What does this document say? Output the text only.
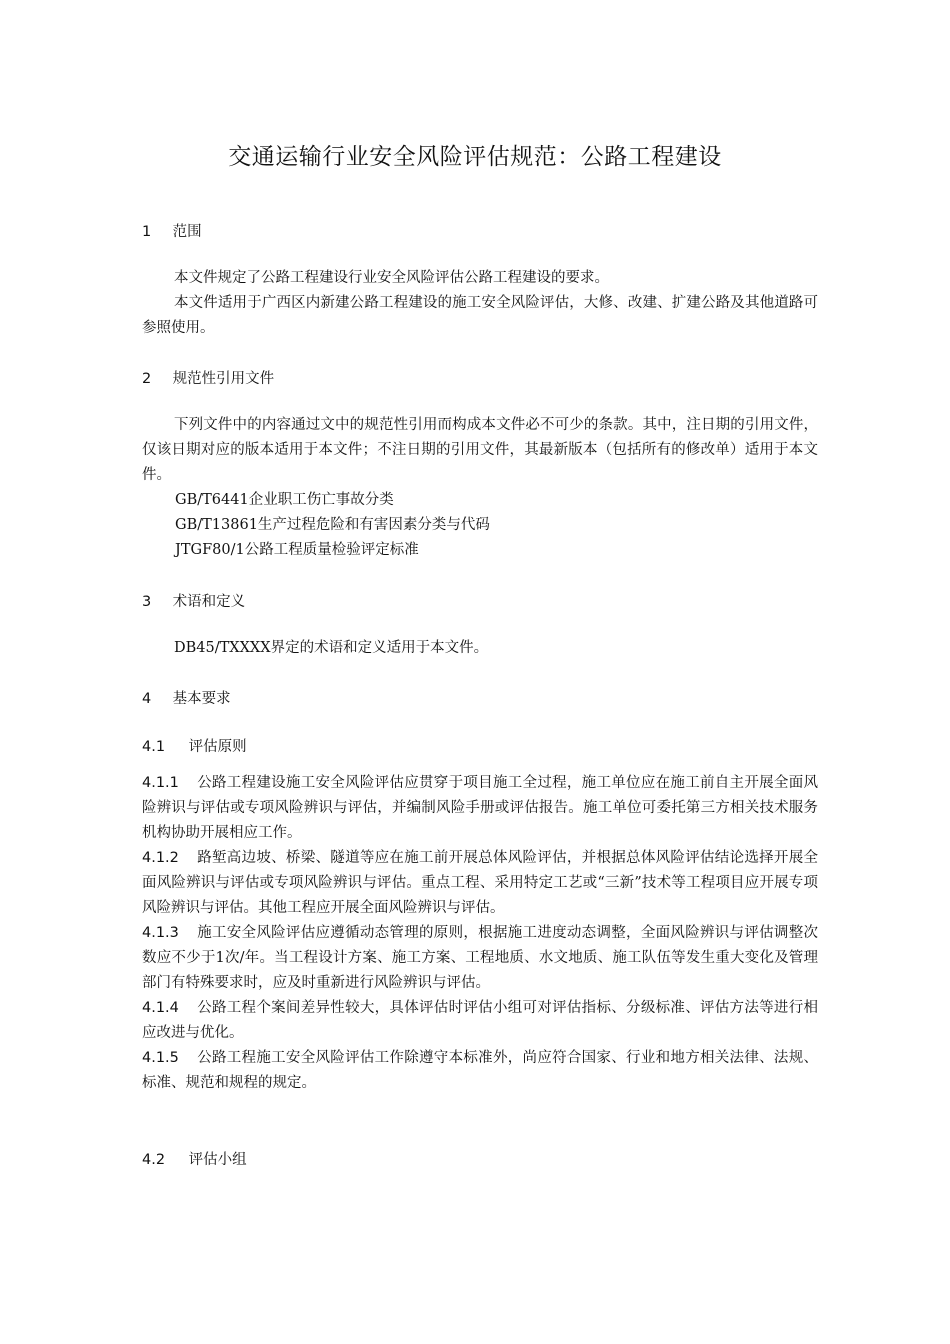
交通运输行业安全风险评估规范：公路工程建设
1 范围
本文件规定了公路工程建设行业安全风险评估公路工程建设的要求。
本文件适用于广西区内新建公路工程建设的施工安全风险评估，大修、改建、扩建公路及其他道路可参照使用。
2 规范性引用文件
下列文件中的内容通过文中的规范性引用而构成本文件必不可少的条款。其中，注日期的引用文件，仅该日期对应的版本适用于本文件；不注日期的引用文件，其最新版本（包括所有的修改单）适用于本文件。
GB/T6441企业职工伤亡事故分类
GB/T13861生产过程危险和有害因素分类与代码
JTGF80/1公路工程质量检验评定标准
3 术语和定义
DB45/TXXXX界定的术语和定义适用于本文件。
4 基本要求
4.1 评估原则
4.1.1 公路工程建设施工安全风险评估应贯穿于项目施工全过程，施工单位应在施工前自主开展全面风险辨识与评估或专项风险辨识与评估，并编制风险手册或评估报告。施工单位可委托第三方相关技术服务机构协助开展相应工作。
4.1.2 路堑高边坡、桥梁、隧道等应在施工前开展总体风险评估，并根据总体风险评估结论选择开展全面风险辨识与评估或专项风险辨识与评估。重点工程、采用特定工艺或“三新”技术等工程项目应开展专项风险辨识与评估。其他工程应开展全面风险辨识与评估。
4.1.3 施工安全风险评估应遵循动态管理的原则，根据施工进度动态调整，全面风险辨识与评估调整次数应不少于1次/年。当工程设计方案、施工方案、工程地质、水文地质、施工队伍等发生重大变化及管理部门有特殊要求时，应及时重新进行风险辨识与评估。
4.1.4 公路工程个案间差异性较大，具体评估时评估小组可对评估指标、分级标准、评估方法等进行相应改进与优化。
4.1.5 公路工程施工安全风险评估工作除遵守本标准外，尚应符合国家、行业和地方相关法律、法规、标准、规范和规程的规定。
4.2 评估小组
